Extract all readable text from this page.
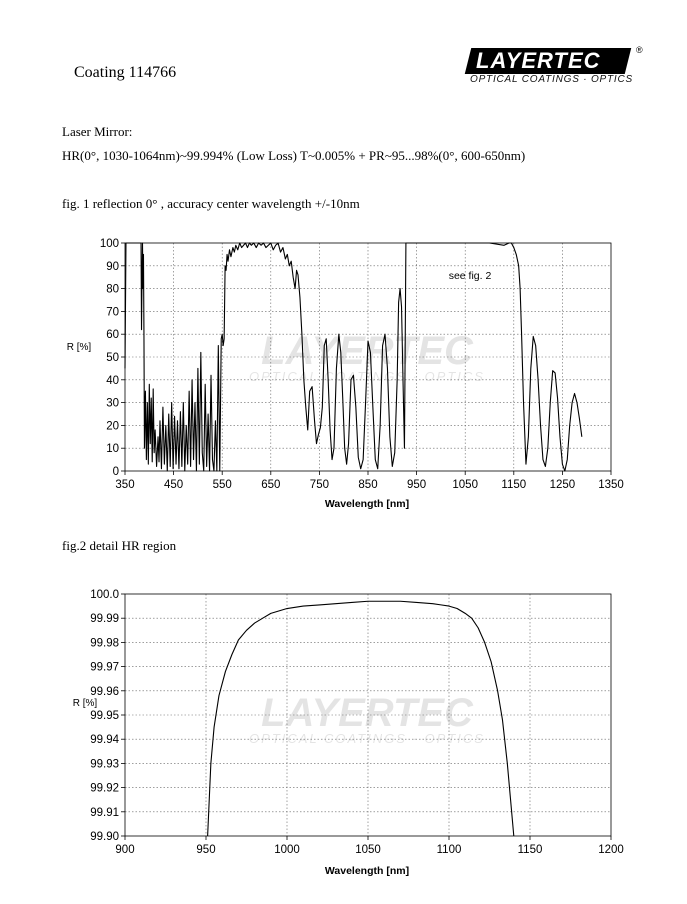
Coating 114766	LAYERTEC	®
OPTICAL COATINGS · OPTICS
Laser Mirror:
HR(0°, 1030-1064nm)~99.994% (Low Loss) T~0.005% + PR~95...98%(0°, 600-650nm)
fig. 1 reflection 0° , accuracy center wavelength +/-10nm
LAYERTEC
OPTICAL COATINGS · OPTICS
350	450	550	650	750	850	950 1050 1150 1250 1350
0
10
20
30
40
50
60
70
80
90
100
see fig. 2
R [%]
Wavelength [nm]
fig.2 detail HR region
LAYERTEC
OPTICAL COATINGS · OPTICS
900	950	1000	1050	1100	1150	1200
99.90
99.91
99.92
99.93
99.94
99.95
99.96
99.97
99.98
99.99
100.0
R [%]
Wavelength [nm]
